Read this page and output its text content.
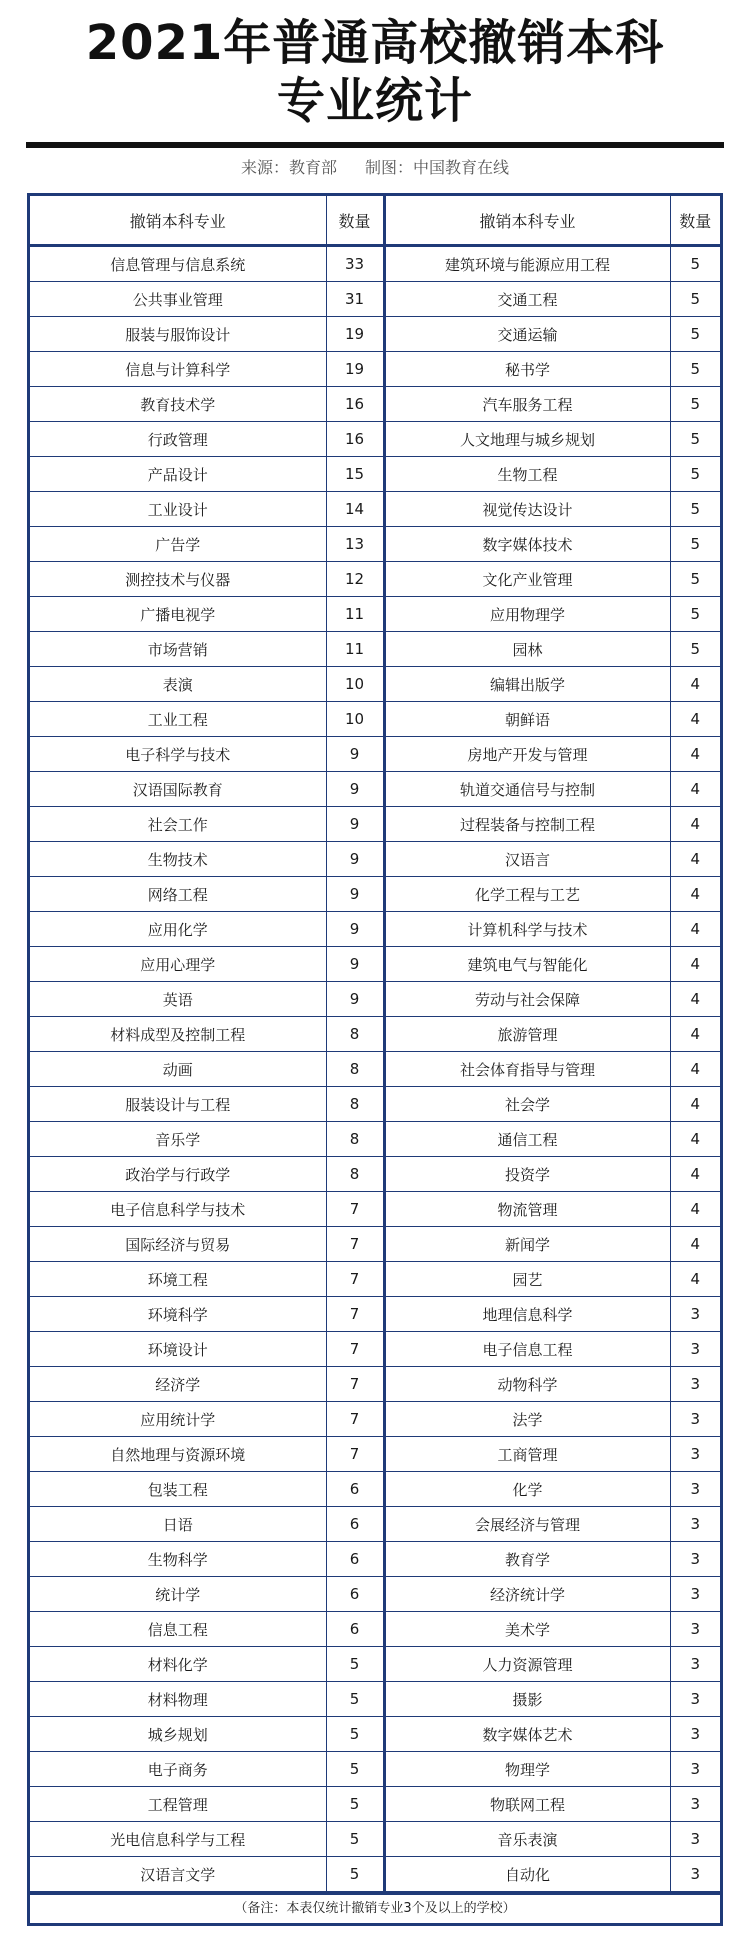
2021年普通高校撤销本科
专业统计
来源：教育部 制图：中国教育在线
撤销本科专业	数量	撤销本科专业	数量
信息管理与信息系统	33	建筑环境与能源应用工程	5
公共事业管理	31	交通工程	5
服装与服饰设计	19	交通运输	5
信息与计算科学	19	秘书学	5
教育技术学	16	汽车服务工程	5
行政管理	16	人文地理与城乡规划	5
产品设计	15	生物工程	5
工业设计	14	视觉传达设计	5
广告学	13	数字媒体技术	5
测控技术与仪器	12	文化产业管理	5
广播电视学	11	应用物理学	5
市场营销	11	园林	5
表演	10	编辑出版学	4
工业工程	10	朝鲜语	4
电子科学与技术	9	房地产开发与管理	4
汉语国际教育	9	轨道交通信号与控制	4
社会工作	9	过程装备与控制工程	4
生物技术	9	汉语言	4
网络工程	9	化学工程与工艺	4
应用化学	9	计算机科学与技术	4
应用心理学	9	建筑电气与智能化	4
英语	9	劳动与社会保障	4
材料成型及控制工程	8	旅游管理	4
动画	8	社会体育指导与管理	4
服装设计与工程	8	社会学	4
音乐学	8	通信工程	4
政治学与行政学	8	投资学	4
电子信息科学与技术	7	物流管理	4
国际经济与贸易	7	新闻学	4
环境工程	7	园艺	4
环境科学	7	地理信息科学	3
环境设计	7	电子信息工程	3
经济学	7	动物科学	3
应用统计学	7	法学	3
自然地理与资源环境	7	工商管理	3
包装工程	6	化学	3
日语	6	会展经济与管理	3
生物科学	6	教育学	3
统计学	6	经济统计学	3
信息工程	6	美术学	3
材料化学	5	人力资源管理	3
材料物理	5	摄影	3
城乡规划	5	数字媒体艺术	3
电子商务	5	物理学	3
工程管理	5	物联网工程	3
光电信息科学与工程	5	音乐表演	3
汉语言文学	5	自动化	3
（备注：本表仅统计撤销专业3个及以上的学校）
